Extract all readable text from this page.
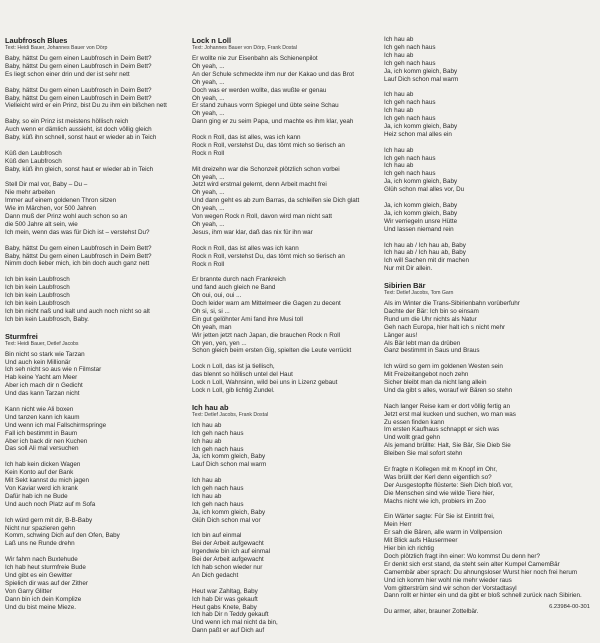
Laubfrosch Blues

Text: Heidi Bauer, Johannes Bauer von Dörp

Baby, hättst Du gern einen Laubfrosch in Deim Bett?
Baby, hättst Du gern einen Laubfrosch in Deim Bett?
Es liegt schon einer drin und der ist sehr nett
Baby, hättst Du gern einen Laubfrosch in Deim Bett?
Baby, hättst Du gern einen Laubfrosch in Deim Bett?
Vielleicht wird er ein Prinz, bist Du zu ihm ein bißchen nett
Baby, so ein Prinz ist meistens höllisch reich
Auch wenn er dämlich aussieht, ist doch völlig gleich
Baby, küß ihn schnell, sonst haut er wieder ab in Teich
Küß den Laubfrosch
Küß den Laubfrosch
Baby, küß ihn gleich, sonst haut er wieder ab in Teich
Stell Dir mal vor, Baby – Du –
Nie mehr arbeiten
Immer auf einem goldenen Thron sitzen
Wie im Märchen, vor 500 Jahren
Dann muß der Prinz wohl auch schon so an
die 500 Jahre alt sein, wie
Ich mein, wenn das was für Dich ist – verstehst Du?
Baby, hättst Du gern einen Laubfrosch in Deim Bett?
Baby, hättst Du gern einen Laubfrosch in Deim Bett?
Nimm doch lieber mich, ich bin doch auch ganz nett
Ich bin kein Laubfrosch
Ich bin kein Laubfrosch
Ich bin kein Laubfrosch
Ich bin kein Laubfrosch
Ich bin nicht naß und kalt und auch noch nicht so alt
Ich bin kein Laubfrosch, Baby.

Sturmfrei

Text: Heidi Bauer, Detlef Jacobs

Bin nicht so stark wie Tarzan
Und auch kein Millionär
Ich seh nicht so aus wie n Filmstar
Hab keine Yacht am Meer
Aber ich mach dir n Gedicht
Und das kann Tarzan nicht
Kann nicht wie Ali boxen
Und tanzen kann ich kaum
Und wenn ich mal Fallschirmspringe
Fall ich bestimmt in Baum
Aber ich back dir nen Kuchen
Das soll Ali mal versuchen
Ich hab kein dicken Wagen
Kein Konto auf der Bank
Mit Sekt kannst du mich jagen
Von Kaviar werd ich krank
Dafür hab ich ne Bude
Und auch noch Platz auf m Sofa
Ich würd gern mit dir, B-B-Baby
Nicht nur spazieren gehn
Komm, schwing Dich auf den Ofen, Baby
Laß uns ne Runde drehn
Wir fahrn nach Buxtehude
Ich hab heut sturmfreie Bude
Und gibt es ein Gewitter
Spielich dir was auf der Zither
Von Garry Glitter
Dann bin ich dein Komplize
Und du bist meine Mieze.

Lock n Loll

Text: Johannes Bauer von Dörp, Frank Dostal

Er wollte nie zur Eisenbahn als Schienenpilot
Oh yeah, ...
An der Schule schmeckte ihm nur der Kakao und das Brot
Oh yeah, ...
Doch was er werden wollte, das wußte er genau
Oh yeah, ...
Er stand zuhaus vorm Spiegel und übte seine Schau
Oh yeah, ...
Dann ging er zu seim Papa, und machte es ihm klar, yeah
Rock n Roll, das ist alles, was ich kann
Rock n Roll, verstehst Du, das törnt mich so tierisch an
Rock n Roll
Mit dreizehn war die Schonzeit plötzlich schon vorbei
Oh yeah, ...
Jetzt wird erstmal gelernt, denn Arbeit macht frei
Oh yeah, ...
Und dann geht es ab zum Barras, da schleifen sie Dich glatt
Oh yeah, ...
Von wegen Rock n Roll, davon wird man nicht satt
Oh yeah, ...
Jesus, ihm war klar, daß das nix für ihn war
Rock n Roll, das ist alles was ich kann
Rock n Roll, verstehst Du, das törnt mich so tierisch an
Rock n Roll
Er brannte durch nach Frankreich
und fand auch gleich ne Band
Oh oui, oui, oui ...
Doch leider warn am Mittelmeer die Gagen zu decent
Oh si, si, si ...
Ein gut gelöhnter Ami fand ihre Musi toll
Oh yeah, man
Wir jetten jetzt nach Japan, die brauchen Rock n Roll
Oh yen, yen, yen ...
Schon gleich beim ersten Gig, spielten die Leute verrückt
Lock n Loll, das ist ja tiellisch,
das blennt so höllisch untel del Haut
Lock n Loll, Wahnsinn, wild bei uns in Lizenz gebaut
Lock n Loll, gib lichtig Zundel.

Ich hau ab

Text: Detlef Jacobs, Frank Dostal

Ich hau ab
Ich geh nach haus
Ich hau ab
Ich geh nach haus
Ja, ich komm gleich, Baby
Lauf Dich schon mal warm
Ich hau ab
Ich geh nach haus
Ich hau ab
Ich geh nach haus
Ja, ich komm gleich, Baby
Glüh Dich schon mal vor
Ich bin auf einmal
Bei der Arbeit aufgewacht
Irgendwie bin ich auf einmal
Bei der Arbeit aufgewacht
Ich hab schon wieder nur
An Dich gedacht
Heut war Zahltag, Baby
Ich hab Dir was gekauft
Heut gabs Knete, Baby
Ich hab Dir n Teddy gekauft
Und wenn ich mal nicht da bin,
Dann paßt er auf Dich auf
Ich hau ab
Ich geh nach haus
Ich hau ab
Ich geh nach haus
Ja, ich komm gleich, Baby
Lauf Dich schon mal warm
Ich hau ab
Ich geh nach haus
Ich hau ab
Ich geh nach haus
Ja, ich komm gleich, Baby
Heiz schon mal alles ein
Ich hau ab
Ich geh nach haus
Ich hau ab
Ich geh nach haus
Ja, ich komm gleich, Baby
Glüh schon mal alles vor, Du
Ja, ich komm gleich, Baby
Ja, ich komm gleich, Baby
Wir verriegeln unsre Hütte
Und lassen niemand rein
Ich hau ab / Ich hau ab, Baby
Ich hau ab / Ich hau ab, Baby
Ich will Sachen mit dir machen
Nur mit Dir allein.

Sibirien Bär

Text: Detlef Jacobs, Tom Garn

Als im Winter die Trans-Sibirienbahn vorüberfuhr
Dachte der Bär: Ich bin so einsam
Rund um die Uhr nichts als Natur
Geh nach Europa, hier halt ich s nicht mehr
Länger aus!
Als Bär lebt man da drüben
Ganz bestimmt in Saus und Braus
Ich würd so gern im goldenen Westen sein
Mit Freizeitangebot noch zehn
Sicher bleibt man da nicht lang allein
Und da gibt s alles, worauf wir Bären so stehn
Nach langer Reise kam er dort völlig fertig an
Jetzt erst mal kucken und suchen, wo man was
Zu essen finden kann
Im ersten Kaufhaus schnappt er sich was
Und wollt grad gehn
Als jemand brüllte: Halt, Sie Bär, Sie Dieb Sie
Bleiben Sie mal sofort stehn
Er fragte n Kollegen mit m Knopf im Ohr,
Was brüllt der Kerl denn eigentlich so?
Der Ausgestopfte flüsterte: Sieh Dich bloß vor,
Die Menschen sind wie wilde Tiere hier,
Machs nicht wie ich, probiers im Zoo
Ein Wärter sagte: Für Sie ist Eintritt frei,
Mein Herr
Er sah die Bären, alle warm in Vollpension
Mit Blick aufs Häusermeer
Hier bin ich richtig
Doch plötzlich fragt ihn einer: Wo kommst Du denn her?
Er denkt sich erst stand, da steht sein alter Kumpel CamemBär
Camembär aber sprach: Du ahnungsloser Wurst hier noch frei herum
Und ich komm hier wohl nie mehr wieder raus
Vom gitterstrüm sind wir schon der Vorstadtasyl
Dann rollt er hinter ein und da gibt er bloß schnell zurück nach Sibirien.
Du armer, alter, brauner Zottelbär.
6.23984-00-301
